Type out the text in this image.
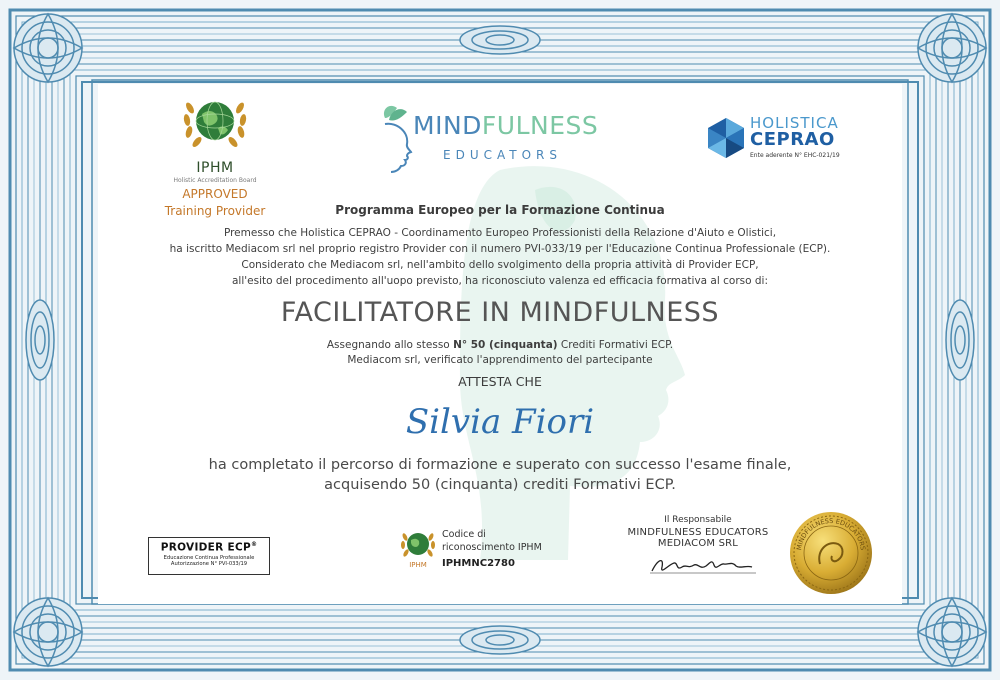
IPHM
Holistic Accreditation Board
APPROVED
Training Provider
MINDFULNESS
EDUCATORS
HOLISTICA
CEPRAO
Ente aderente N° EHC-021/19
Programma Europeo per la Formazione Continua
Premesso che Holistica CEPRAO - Coordinamento Europeo Professionisti della Relazione d'Aiuto e Olistici,
ha iscritto Mediacom srl nel proprio registro Provider con il numero PVI-033/19 per l'Educazione Continua Professionale (ECP).
Considerato che Mediacom srl, nell'ambito dello svolgimento della propria attività di Provider ECP,
all'esito del procedimento all'uopo previsto, ha riconosciuto valenza ed efficacia formativa al corso di:
FACILITATORE IN MINDFULNESS
Assegnando allo stesso N° 50 (cinquanta) Crediti Formativi ECP.
Mediacom srl, verificato l'apprendimento del partecipante
ATTESTA CHE
Silvia Fiori
ha completato il percorso di formazione e superato con successo l'esame finale,
acquisendo 50 (cinquanta) crediti Formativi ECP.
PROVIDER ECP®
Educazione Continua Professionale
Autorizzazione N° PVI-033/19	IPHM
Codice di
riconoscimento IPHM
IPHMNC2780
Il Responsabile
MINDFULNESS EDUCATORS
MEDIACOM SRL	MINDFULNESS EDUCATORS
